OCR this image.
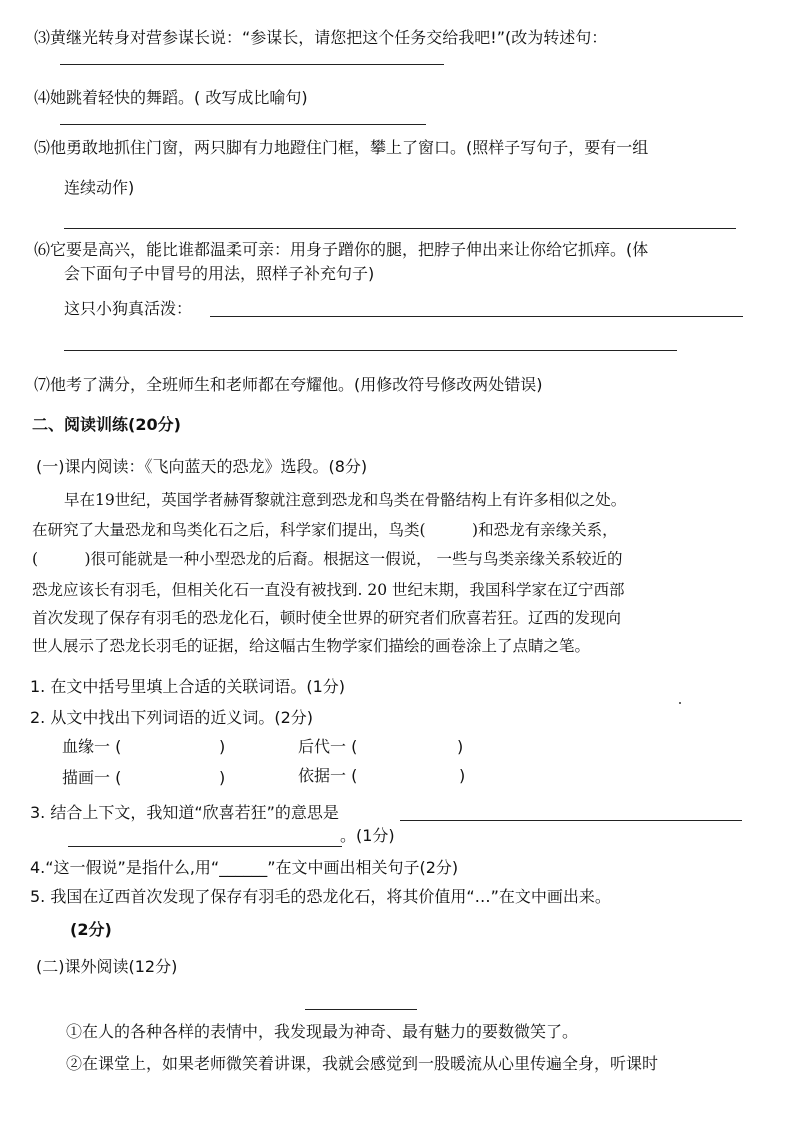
⑶黄继光转身对营参谋长说：“参谋长，请您把这个任务交给我吧!”(改为转述句：
⑷她跳着轻快的舞蹈。( 改写成比喻句)
⑸他勇敢地抓住门窗，两只脚有力地蹬住门框，攀上了窗口。(照样子写句子，要有一组
连续动作)
⑹它要是高兴，能比谁都温柔可亲：用身子蹭你的腿，把脖子伸出来让你给它抓痒。(体
会下面句子中冒号的用法，照样子补充句子)
这只小狗真活泼：
⑺他考了满分，全班师生和老师都在夸耀他。(用修改符号修改两处错误)
二、阅读训练(20分)
(一)课内阅读：《飞向蓝天的恐龙》选段。(8分)
早在19世纪，英国学者赫胥黎就注意到恐龙和鸟类在骨骼结构上有许多相似之处。
在研究了大量恐龙和鸟类化石之后，科学家们提出，鸟类(　　　)和恐龙有亲缘关系，
(　　　)很可能就是一种小型恐龙的后裔。根据这一假说， 一些与鸟类亲缘关系较近的
恐龙应该长有羽毛，但相关化石一直没有被找到. 20 世纪末期，我国科学家在辽宁西部
首次发现了保存有羽毛的恐龙化石，顿时使全世界的研究者们欣喜若狂。辽西的发现向
世人展示了恐龙长羽毛的证据，给这幅古生物学家们描绘的画卷涂上了点睛之笔。
1. 在文中括号里填上合适的关联词语。(1分)
2. 从文中找出下列词语的近义词。(2分)
血缘一 (	)	后代一 (	)
描画一 (	)	依据一 (	)
3. 结合上下文，我知道“欣喜若狂”的意思是
。(1分)
4.“这一假说”是指什么,用“______”在文中画出相关句子(2分)
5. 我国在辽西首次发现了保存有羽毛的恐龙化石，将其价值用“…”在文中画出来。
(2分)
(二)课外阅读(12分)
①在人的各种各样的表情中，我发现最为神奇、最有魅力的要数微笑了。
②在课堂上，如果老师微笑着讲课，我就会感觉到一股暖流从心里传遍全身，听课时
